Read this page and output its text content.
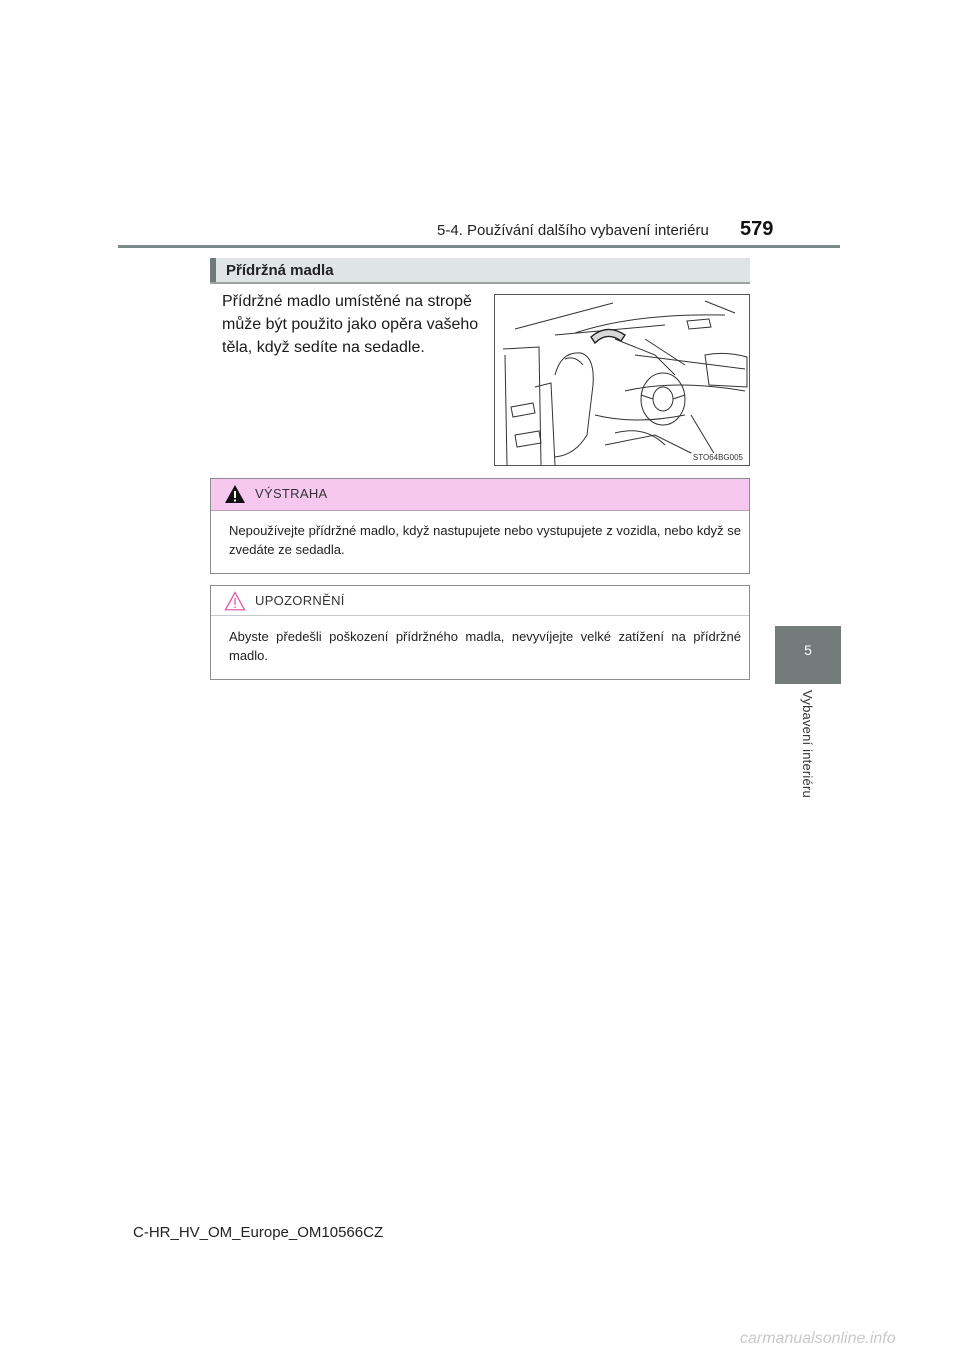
5-4. Používání dalšího vybavení interiéru 579
5
Vybavení interiéru
Přídržná madla
Přídržné madlo umístěné na stropě
může být použito jako opěra vašeho
těla, když sedíte na sedadle.
STO64BG005
VÝSTRAHA
Nepoužívejte přídržné madlo, když nastupujete nebo vystupujete z vozidla, nebo když se zvedáte ze sedadla.
UPOZORNĚNÍ
Abyste předešli poškození přídržného madla, nevyvíjejte velké zatížení na přídržné madlo.
C-HR_HV_OM_Europe_OM10566CZ
carmanualsonline.info
